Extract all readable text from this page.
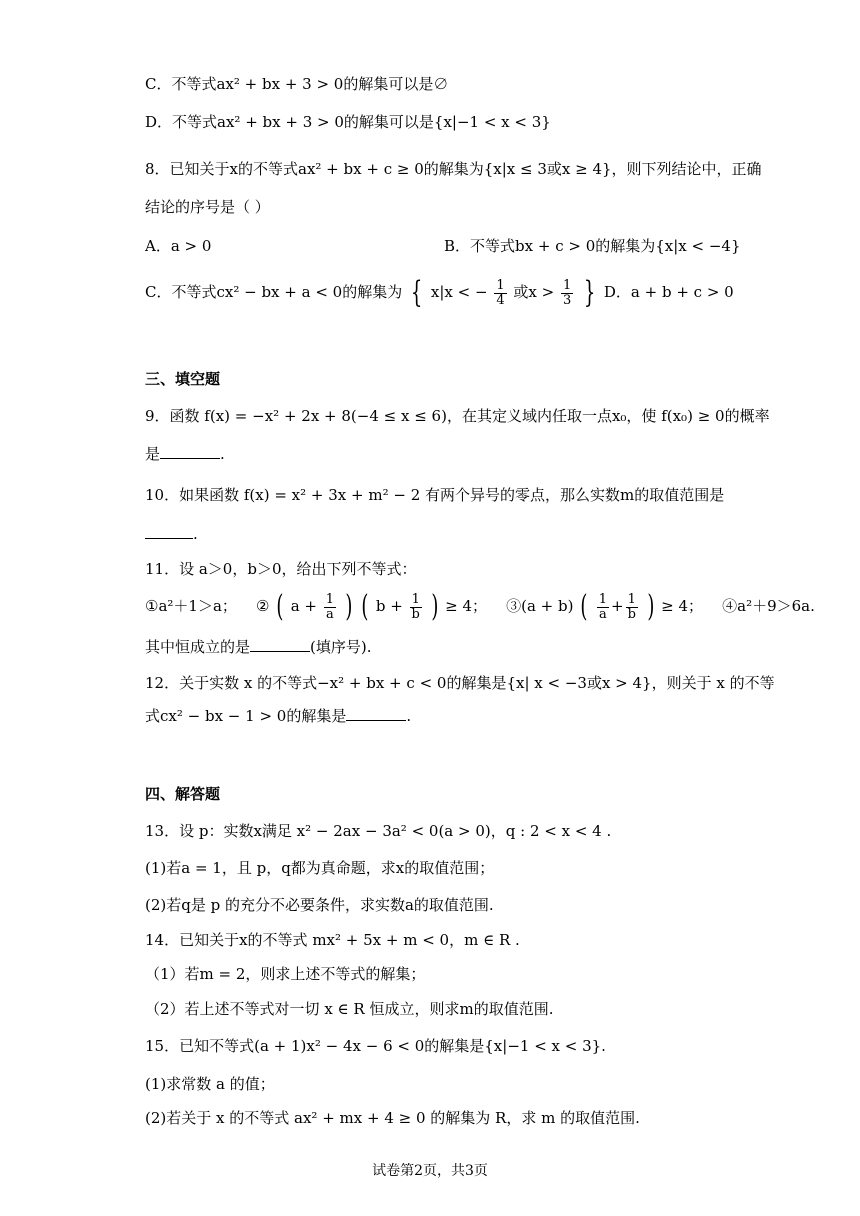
C．不等式ax² + bx + 3 > 0的解集可以是∅
D．不等式ax² + bx + 3 > 0的解集可以是{x|−1 < x < 3}
8．已知关于x的不等式ax² + bx + c ≥ 0的解集为{x|x ≤ 3或x ≥ 4}，则下列结论中，正确
结论的序号是（ ）
A．a > 0	B．不等式bx + c > 0的解集为{x|x < −4}
C．不等式cx² − bx + a < 0的解集为 { x|x < − $\frac{1}{4}$ 或$x > \frac{1}{3}$ } D．a + b + c > 0
三、填空题
9．函数 f(x) = −x² + 2x + 8(−4 ≤ x ≤ 6)，在其定义域内任取一点x₀，使 f(x₀) ≥ 0的概率
是	.
10．如果函数 f(x) = x² + 3x + m² − 2 有两个异号的零点，那么实数m的取值范围是
.
11．设 a＞0，b＞0，给出下列不等式：
①a²＋1＞a； ② ( $a + \frac{1}{a}$ ) ( $b + \frac{1}{b}$ ) ≥ 4； ③(a + b) ( $\frac{1}{a} + \frac{1}{b}$ ) ≥ 4； ④a²＋9＞6a.
其中恒成立的是	(填序号).
12．关于实数 x 的不等式−x² + bx + c < 0的解集是{x| x < −3或x > 4}，则关于 x 的不等
式cx² − bx − 1 > 0的解集是	.
四、解答题
13．设 p：实数x满足 x² − 2ax − 3a² < 0(a > 0)，q : 2 < x < 4 .
(1)若a = 1，且 p，q都为真命题，求x的取值范围；
(2)若q是 p 的充分不必要条件，求实数a的取值范围.
14．已知关于x的不等式 mx² + 5x + m < 0，m ∈ R .
（1）若m = 2，则求上述不等式的解集；
（2）若上述不等式对一切 x ∈ R 恒成立，则求m的取值范围.
15．已知不等式(a + 1)x² − 4x − 6 < 0的解集是{x|−1 < x < 3}.
(1)求常数 a 的值；
(2)若关于 x 的不等式 ax² + mx + 4 ≥ 0 的解集为 R，求 m 的取值范围.
试卷第2页，共3页
